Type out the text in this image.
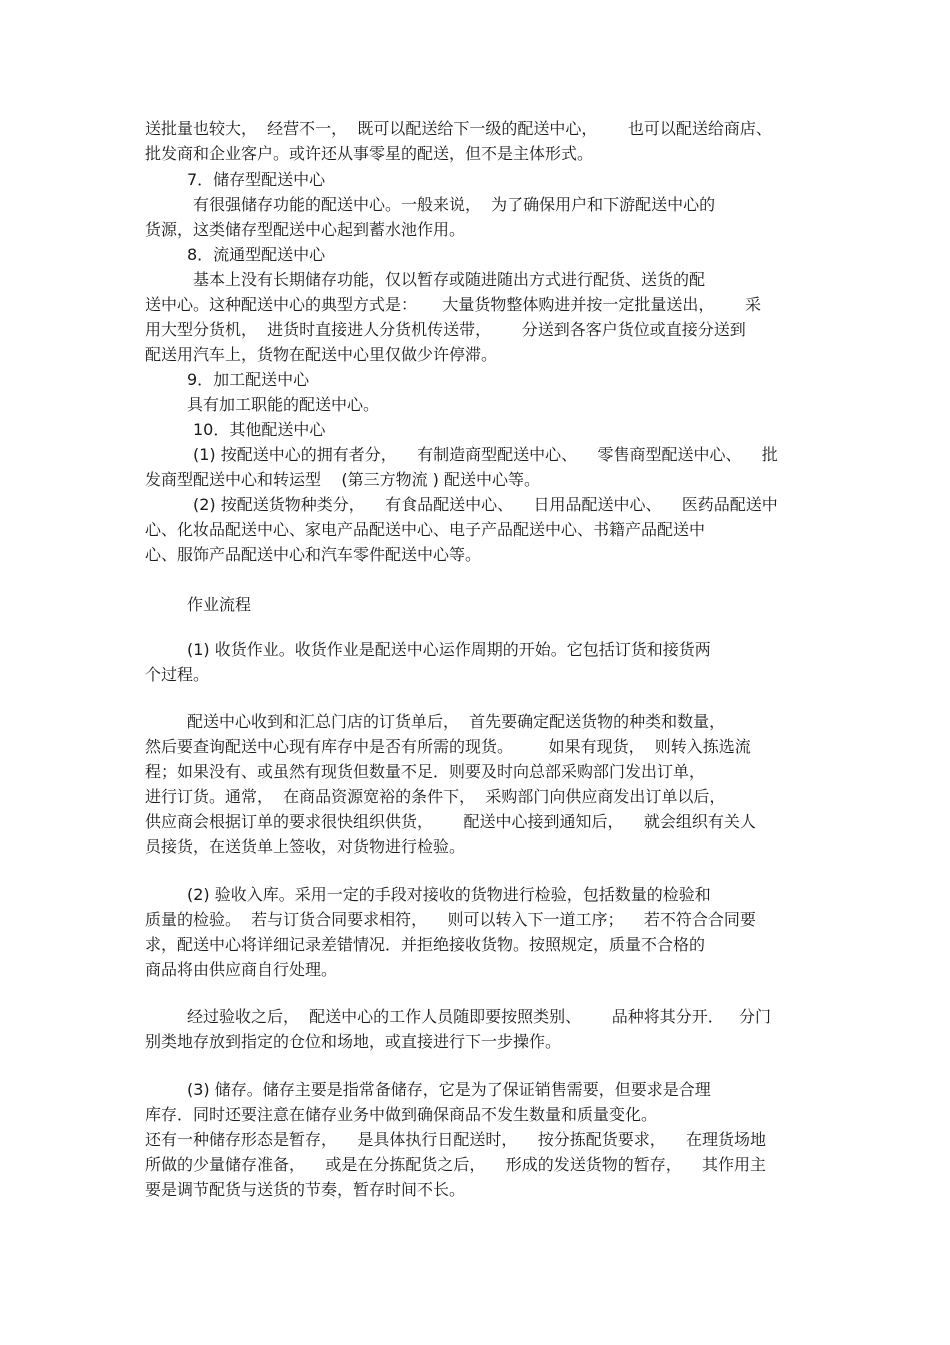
送批量也较大，  经营不一，  既可以配送给下一级的配送中心，      也可以配送给商店、
批发商和企业客户。或许还从事零星的配送，但不是主体形式。
7．储存型配送中心
有很强储存功能的配送中心。一般来说，  为了确保用户和下游配送中心的
货源，这类储存型配送中心起到蓄水池作用。
8．流通型配送中心
基本上没有长期储存功能，仅以暂存或随进随出方式进行配货、送货的配
送中心。这种配送中心的典型方式是：     大量货物整体购进并按一定批量送出，      采
用大型分货机，  进货时直接进人分货机传送带，      分送到各客户货位或直接分送到
配送用汽车上，货物在配送中心里仅做少许停滞。
9．加工配送中心
具有加工职能的配送中心。
10．其他配送中心
(1) 按配送中心的拥有者分，    有制造商型配送中心、    零售商型配送中心、    批
发商型配送中心和转运型    (第三方物流 ) 配送中心等。
(2) 按配送货物种类分，    有食品配送中心、    日用品配送中心、    医药品配送中
心、化妆品配送中心、家电产品配送中心、电子产品配送中心、书籍产品配送中
心、服饰产品配送中心和汽车零件配送中心等。
作业流程
(1) 收货作业。收货作业是配送中心运作周期的开始。它包括订货和接货两
个过程。
配送中心收到和汇总门店的订货单后，  首先要确定配送货物的种类和数量，
然后要查询配送中心现有库存中是否有所需的现货。       如果有现货，  则转入拣选流
程；如果没有、或虽然有现货但数量不足．则要及时向总部采购部门发出订单，
进行订货。通常，  在商品资源宽裕的条件下，  采购部门向供应商发出订单以后，
供应商会根据订单的要求很快组织供货，      配送中心接到通知后，    就会组织有关人
员接货，在送货单上签收，对货物进行检验。
(2) 验收入库。采用一定的手段对接收的货物进行检验，包括数量的检验和
质量的检验。  若与订货合同要求相符，    则可以转入下一道工序；    若不符合合同要
求，配送中心将详细记录差错情况．并拒绝接收货物。按照规定，质量不合格的
商品将由供应商自行处理。
经过验收之后，  配送中心的工作人员随即要按照类别、      品种将其分开．   分门
别类地存放到指定的仓位和场地，或直接进行下一步操作。
(3) 储存。储存主要是指常备储存，它是为了保证销售需要，但要求是合理
库存．同时还要注意在储存业务中做到确保商品不发生数量和质量变化。
还有一种储存形态是暂存，    是具体执行日配送时，    按分拣配货要求，    在理货场地
所做的少量储存准备，    或是在分拣配货之后，    形成的发送货物的暂存，    其作用主
要是调节配货与送货的节奏，暂存时间不长。
